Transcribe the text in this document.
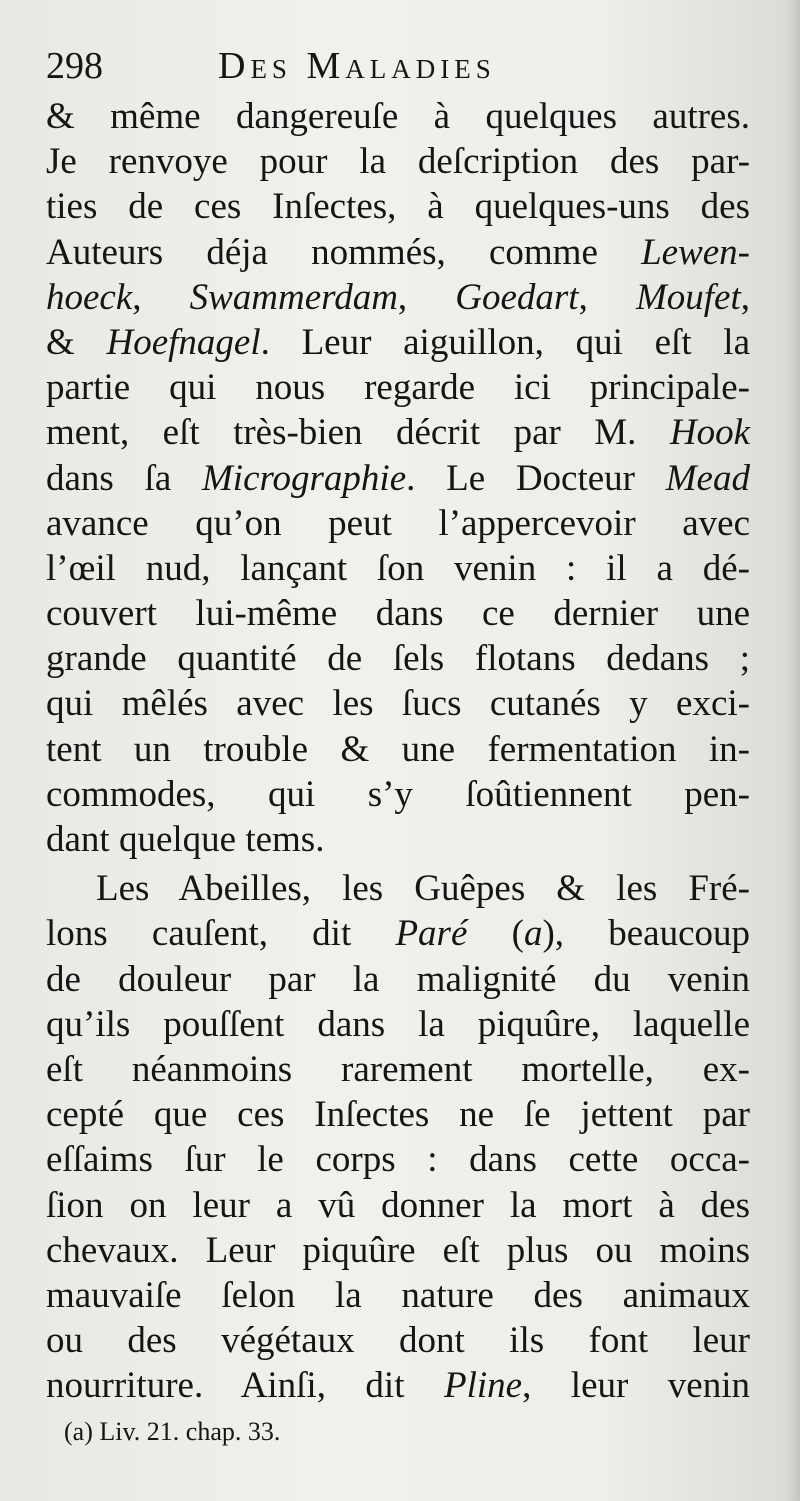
298	Des Maladies
& même dangereuſe à quelques autres.
Je renvoye pour la deſcription des par-
ties de ces Inſectes, à quelques-uns des
Auteurs déja nommés, comme Lewen-
hoeck, Swammerdam, Goedart, Moufet,
& Hoefnagel. Leur aiguillon, qui eſt la
partie qui nous regarde ici principale-
ment, eſt très-bien décrit par M. Hook
dans ſa Micrographie. Le Docteur Mead
avance qu’on peut l’appercevoir avec
l’œil nud, lançant ſon venin : il a dé-
couvert lui-même dans ce dernier une
grande quantité de ſels flotans dedans ;
qui mêlés avec les ſucs cutanés y exci-
tent un trouble & une fermentation in-
commodes, qui s’y ſoûtiennent pen-
dant quelque tems.
Les Abeilles, les Guêpes & les Fré-
lons cauſent, dit Paré (a), beaucoup
de douleur par la malignité du venin
qu’ils pouſſent dans la piquûre, laquelle
eſt néanmoins rarement mortelle, ex-
cepté que ces Inſectes ne ſe jettent par
eſſaims ſur le corps : dans cette occa-
ſion on leur a vû donner la mort à des
chevaux. Leur piquûre eſt plus ou moins
mauvaiſe ſelon la nature des animaux
ou des végétaux dont ils font leur
nourriture. Ainſi, dit Pline, leur venin
(a) Liv. 21. chap. 33.
